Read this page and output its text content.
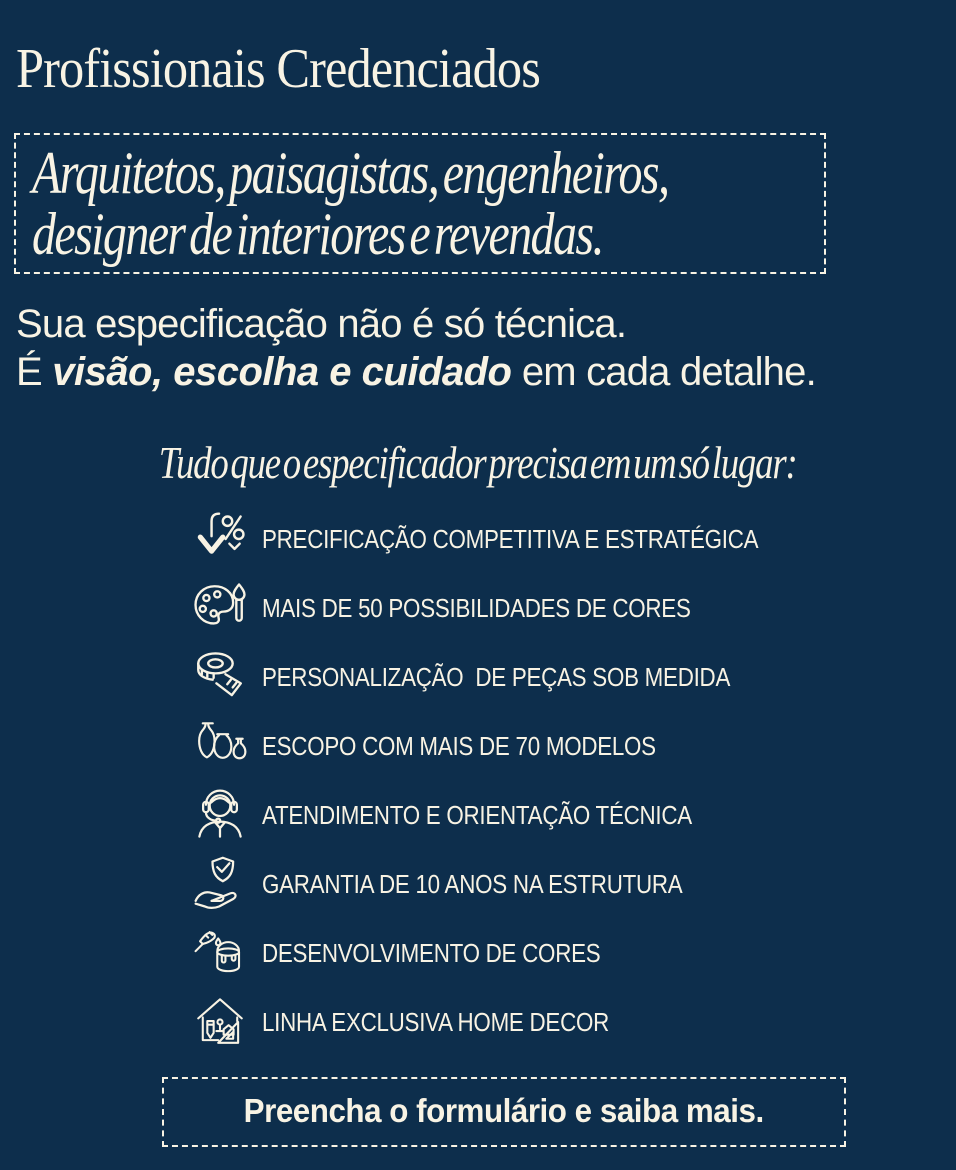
Profissionais Credenciados
Arquitetos, paisagistas, engenheiros,
designer de interiores e revendas.
Sua especificação não é só técnica.
É visão, escolha e cuidado em cada detalhe.
Tudo que o especificador precisa em um só lugar:
PRECIFICAÇÃO COMPETITIVA E ESTRATÉGICA
MAIS DE 50 POSSIBILIDADES DE CORES
PERSONALIZAÇÃO  DE PEÇAS SOB MEDIDA
ESCOPO COM MAIS DE 70 MODELOS
ATENDIMENTO E ORIENTAÇÃO TÉCNICA
GARANTIA DE 10 ANOS NA ESTRUTURA
DESENVOLVIMENTO DE CORES
LINHA EXCLUSIVA HOME DECOR
Preencha o formulário e saiba mais.
